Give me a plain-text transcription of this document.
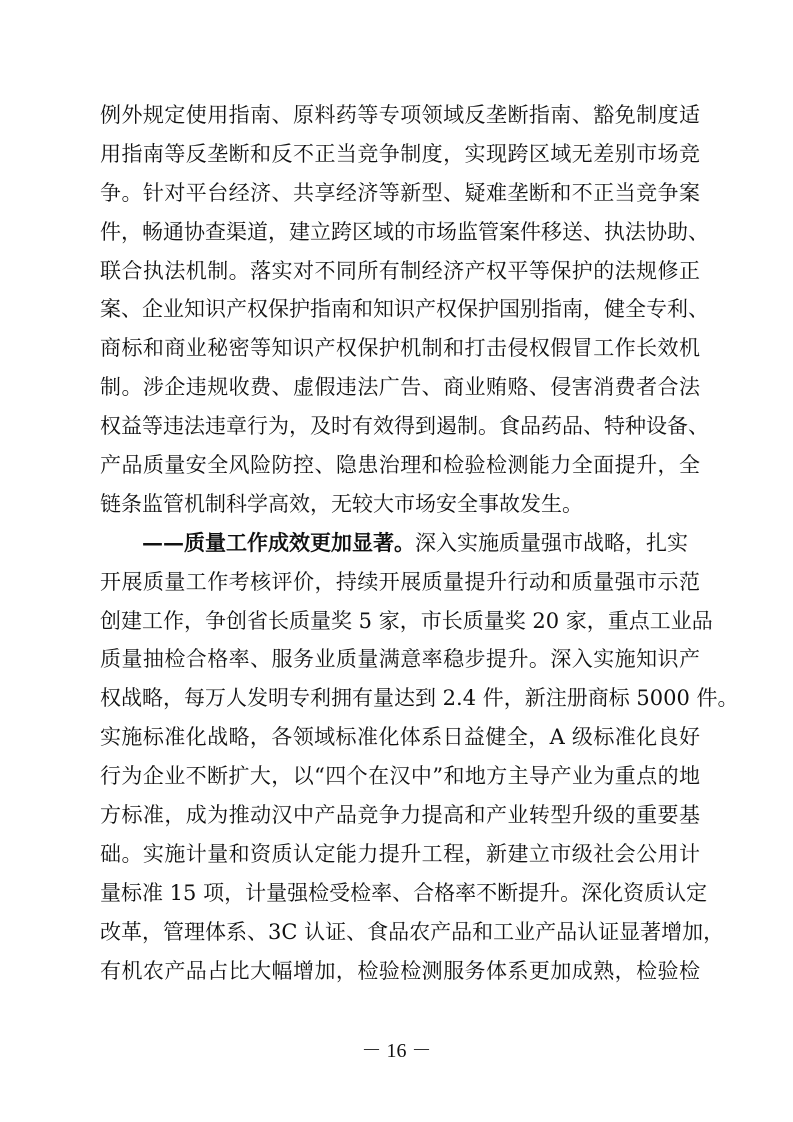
例外规定使用指南、原料药等专项领域反垄断指南、豁免制度适
用指南等反垄断和反不正当竞争制度，实现跨区域无差别市场竞
争。针对平台经济、共享经济等新型、疑难垄断和不正当竞争案
件，畅通协查渠道，建立跨区域的市场监管案件移送、执法协助、
联合执法机制。落实对不同所有制经济产权平等保护的法规修正
案、企业知识产权保护指南和知识产权保护国别指南，健全专利、
商标和商业秘密等知识产权保护机制和打击侵权假冒工作长效机
制。涉企违规收费、虚假违法广告、商业贿赂、侵害消费者合法
权益等违法违章行为，及时有效得到遏制。食品药品、特种设备、
产品质量安全风险防控、隐患治理和检验检测能力全面提升，全
链条监管机制科学高效，无较大市场安全事故发生。
——质量工作成效更加显著。深入实施质量强市战略，扎实
开展质量工作考核评价，持续开展质量提升行动和质量强市示范
创建工作，争创省长质量奖 5 家，市长质量奖 20 家，重点工业品
质量抽检合格率、服务业质量满意率稳步提升。深入实施知识产
权战略，每万人发明专利拥有量达到 2.4 件，新注册商标 5000 件。
实施标准化战略，各领域标准化体系日益健全，A 级标准化良好
行为企业不断扩大，以“四个在汉中”和地方主导产业为重点的地
方标准，成为推动汉中产品竞争力提高和产业转型升级的重要基
础。实施计量和资质认定能力提升工程，新建立市级社会公用计
量标准 15 项，计量强检受检率、合格率不断提升。深化资质认定
改革，管理体系、3C 认证、食品农产品和工业产品认证显著增加，
有机农产品占比大幅增加，检验检测服务体系更加成熟，检验检
－ 16 －
